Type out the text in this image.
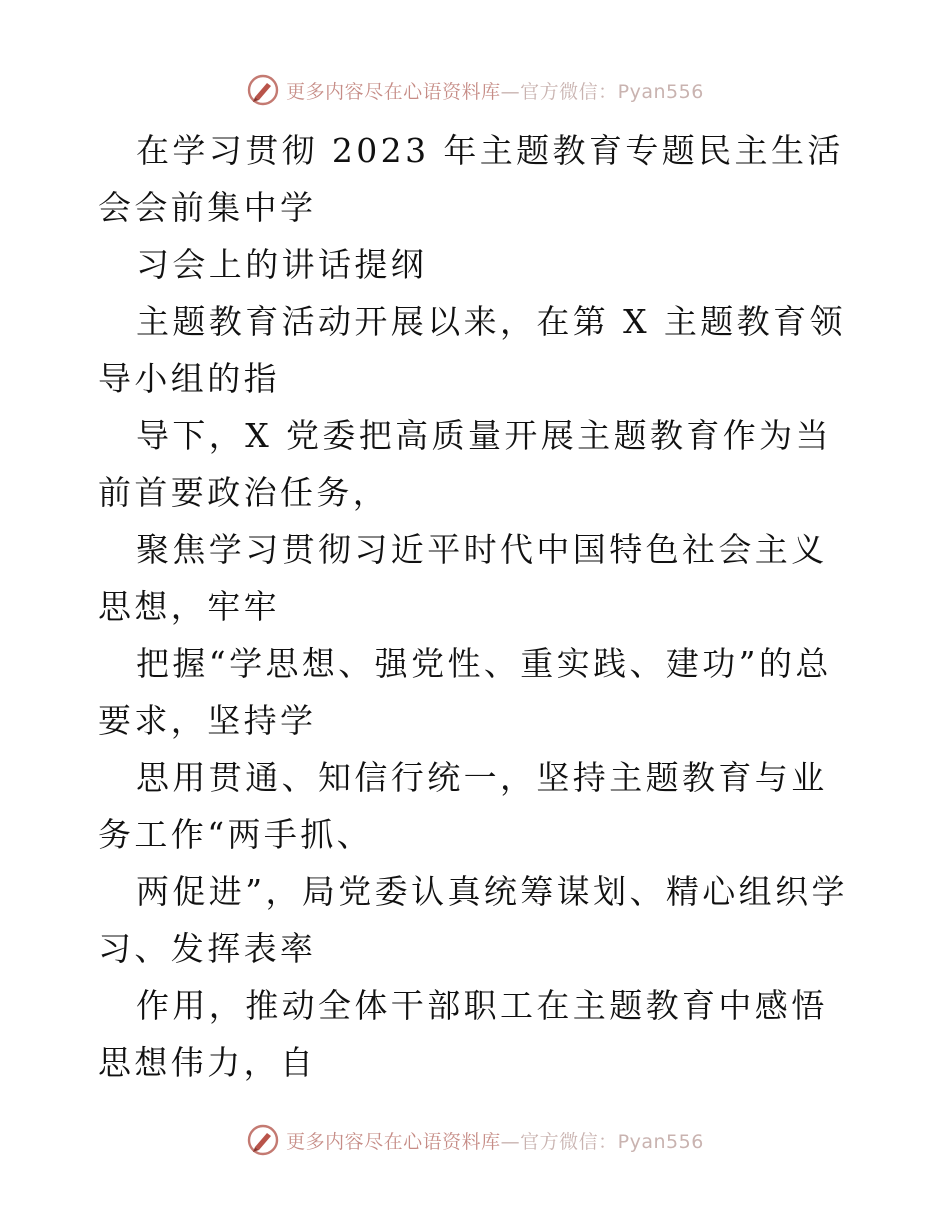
更多内容尽在心语资料库—官方微信：Pyan556

在学习贯彻 2023 年主题教育专题民主生活会会前集中学

习会上的讲话提纲

主题教育活动开展以来，在第 X 主题教育领导小组的指

导下，X 党委把高质量开展主题教育作为当前首要政治任务，

聚焦学习贯彻习近平时代中国特色社会主义思想，牢牢

把握“学思想、强党性、重实践、建功”的总要求，坚持学

思用贯通、知信行统一，坚持主题教育与业务工作“两手抓、

两促进”，局党委认真统筹谋划、精心组织学习、发挥表率

作用，推动全体干部职工在主题教育中感悟思想伟力，自

更多内容尽在心语资料库—官方微信：Pyan556
